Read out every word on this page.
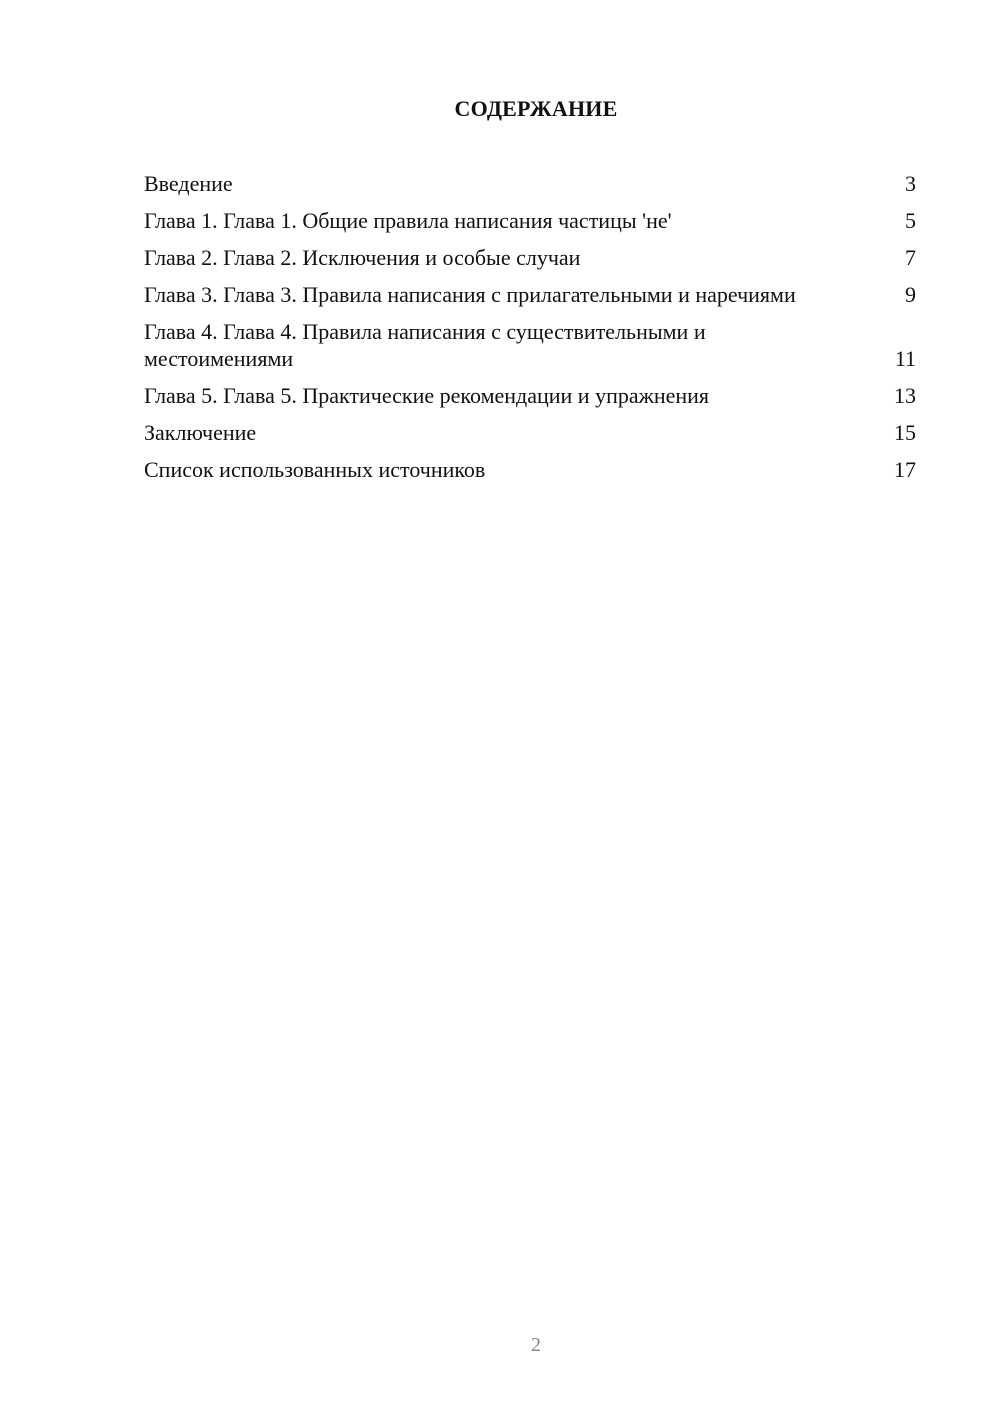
СОДЕРЖАНИЕ
Введение	3
Глава 1. Глава 1. Общие правила написания частицы 'не'	5
Глава 2. Глава 2. Исключения и особые случаи	7
Глава 3. Глава 3. Правила написания с прилагательными и наречиями	9
Глава 4. Глава 4. Правила написания с существительными и местоимениями	11
Глава 5. Глава 5. Практические рекомендации и упражнения	13
Заключение	15
Список использованных источников	17
2
